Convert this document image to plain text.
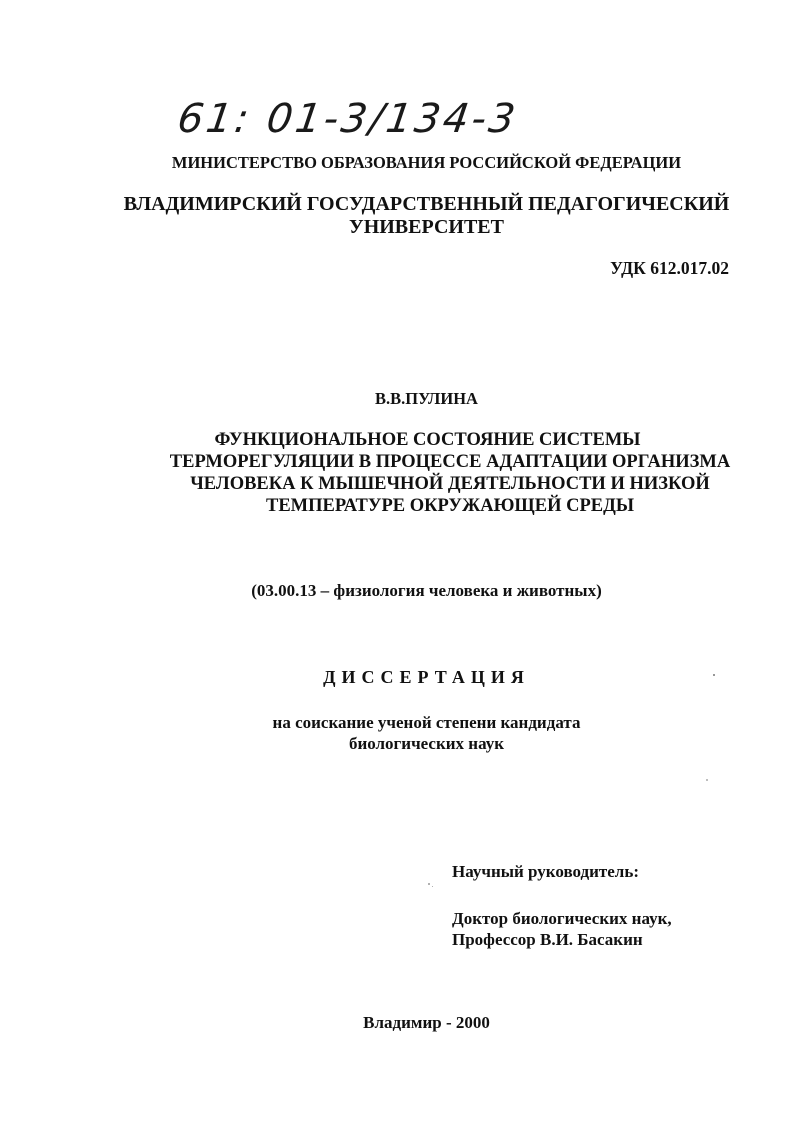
61: 01-3/134-3
МИНИСТЕРСТВО ОБРАЗОВАНИЯ РОССИЙСКОЙ ФЕДЕРАЦИИ
ВЛАДИМИРСКИЙ ГОСУДАРСТВЕННЫЙ ПЕДАГОГИЧЕСКИЙ
УНИВЕРСИТЕТ
УДК 612.017.02
В.В.ПУЛИНА
ФУНКЦИОНАЛЬНОЕ СОСТОЯНИЕ СИСТЕМЫ
ТЕРМОРЕГУЛЯЦИИ В ПРОЦЕССЕ АДАПТАЦИИ ОРГАНИЗМА
ЧЕЛОВЕКА К МЫШЕЧНОЙ ДЕЯТЕЛЬНОСТИ И НИЗКОЙ
ТЕМПЕРАТУРЕ ОКРУЖАЮЩЕЙ СРЕДЫ
(03.00.13 – физиология человека и животных)
ДИССЕРТАЦИЯ
на соискание ученой степени кандидата
биологических наук
Научный руководитель:
Доктор биологических наук,
Профессор В.И. Басакин
Владимир - 2000
